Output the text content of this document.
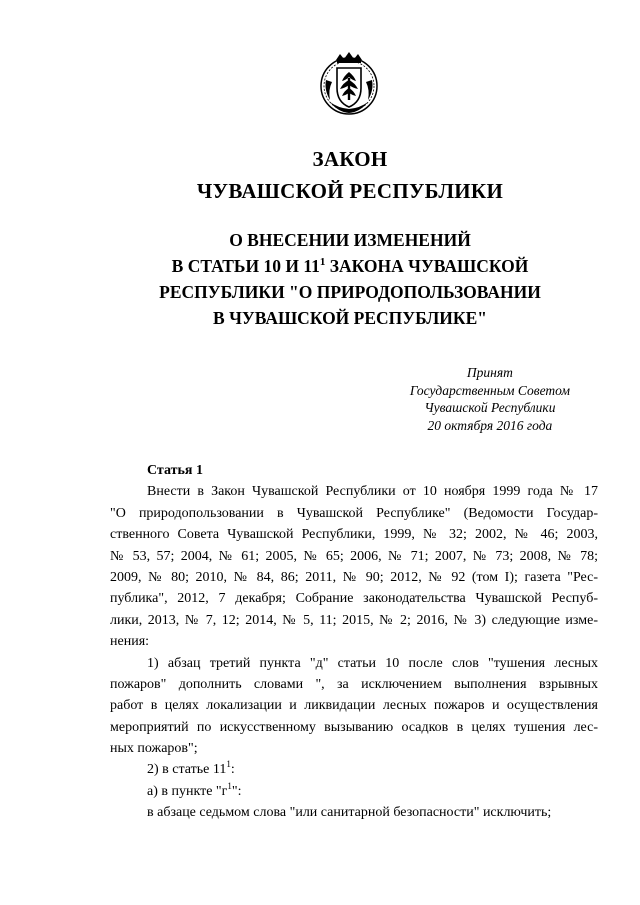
ЗАКОН
ЧУВАШСКОЙ РЕСПУБЛИКИ
О ВНЕСЕНИИ ИЗМЕНЕНИЙ
В СТАТЬИ 10 И $11^1$ ЗАКОНА ЧУВАШСКОЙ
РЕСПУБЛИКИ "О ПРИРОДОПОЛЬЗОВАНИИ
В ЧУВАШСКОЙ РЕСПУБЛИКЕ"
Принят
Государственным Советом
Чувашской Республики
20 октября 2016 года
Статья 1
Внести в Закон Чувашской Республики от 10 ноября 1999 года № 17
"О природопользовании в Чувашской Республике" (Ведомости Государ-
ственного Совета Чувашской Республики, 1999, № 32; 2002, № 46; 2003,
№ 53, 57; 2004, № 61; 2005, № 65; 2006, № 71; 2007, № 73; 2008, № 78;
2009, № 80; 2010, № 84, 86; 2011, № 90; 2012, № 92 (том I); газета "Рес-
публика", 2012, 7 декабря; Собрание законодательства Чувашской Респуб-
лики, 2013, № 7, 12; 2014, № 5, 11; 2015, № 2; 2016, № 3) следующие изме-
нения:
1) абзац третий пункта "д" статьи 10 после слов "тушения лесных
пожаров" дополнить словами ", за исключением выполнения взрывных
работ в целях локализации и ликвидации лесных пожаров и осуществления
мероприятий по искусственному вызыванию осадков в целях тушения лес-
ных пожаров";
2) в статье $11^1$:
а) в пункте "$г^1$":
в абзаце седьмом слова "или санитарной безопасности" исключить;
